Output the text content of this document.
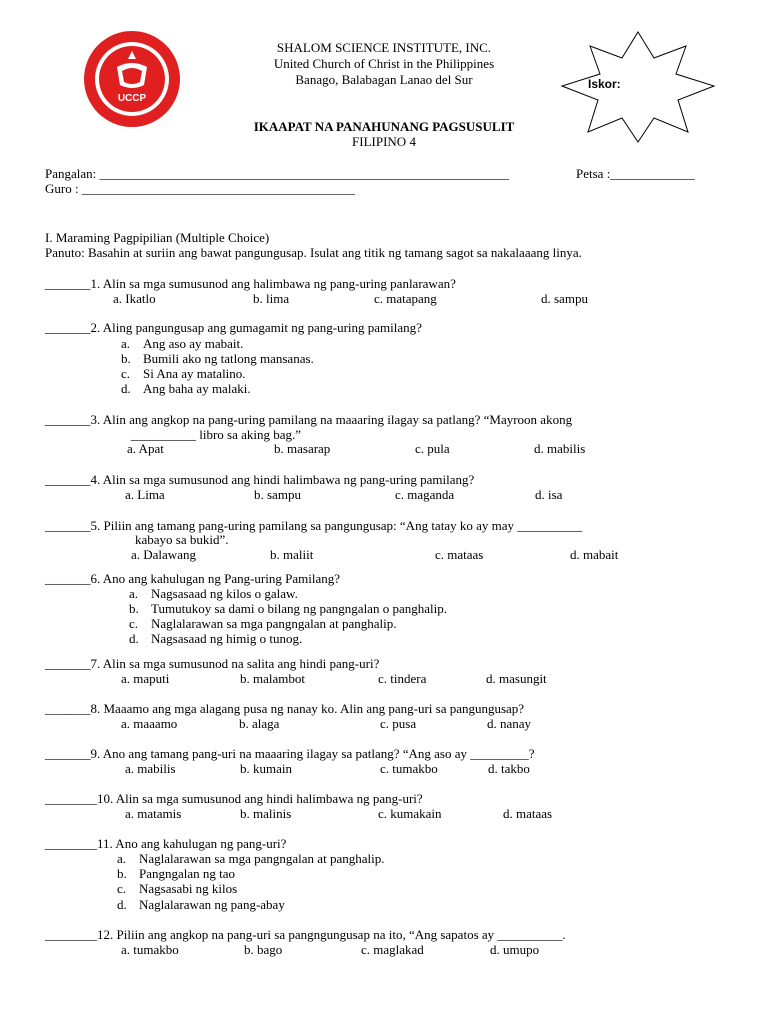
UCCP
SHALOM SCIENCE INSTITUTE, INC.
United Church of Christ in the Philippines
Banago, Balabagan Lanao del Sur
IKAAPAT NA PANAHUNANG PAGSUSULIT
FILIPINO 4
Iskor:
Pangalan: _______________________________________________________________	Petsa :_____________
Guro : __________________________________________
I. Maraming Pagpipilian (Multiple Choice)
Panuto: Basahin at suriin ang bawat pangungusap. Isulat ang titik ng tamang sagot sa nakalaaang linya.
_______1. Alin sa mga sumusunod ang halimbawa ng pang-uring panlarawan?
a. Ikatlo	b. lima	c. matapang	d. sampu
_______2. Aling pangungusap ang gumagamit ng pang-uring pamilang?
a. Ang aso ay mabait.
b. Bumili ako ng tatlong mansanas.
c. Si Ana ay matalino.
d. Ang baha ay malaki.
_______3. Alin ang angkop na pang-uring pamilang na maaaring ilagay sa patlang? “Mayroon akong
__________ libro sa aking bag.”
a. Apat	b. masarap	c. pula	d. mabilis
_______4. Alin sa mga sumusunod ang hindi halimbawa ng pang-uring pamilang?
a. Lima	b. sampu	c. maganda	d. isa
_______5. Piliin ang tamang pang-uring pamilang sa pangungusap: “Ang tatay ko ay may __________
kabayo sa bukid”.
a. Dalawang	b. maliit	c. mataas	d. mabait
_______6. Ano ang kahulugan ng Pang-uring Pamilang?
a. Nagsasaad ng kilos o galaw.
b. Tumutukoy sa dami o bilang ng pangngalan o panghalip.
c. Naglalarawan sa mga pangngalan at panghalip.
d. Nagsasaad ng himig o tunog.
_______7. Alin sa mga sumusunod na salita ang hindi pang-uri?
a. maputi	b. malambot	c. tindera	d. masungit
_______8. Maaamo ang mga alagang pusa ng nanay ko. Alin ang pang-uri sa pangungusap?
a. maaamo	b. alaga	c. pusa	d. nanay
_______9. Ano ang tamang pang-uri na maaaring ilagay sa patlang? “Ang aso ay _________?
a. mabilis	b. kumain	c. tumakbo	d. takbo
________10. Alin sa mga sumusunod ang hindi halimbawa ng pang-uri?
a. matamis	b. malinis	c. kumakain	d. mataas
________11. Ano ang kahulugan ng pang-uri?
a. Naglalarawan sa mga pangngalan at panghalip.
b. Pangngalan ng tao
c. Nagsasabi ng kilos
d. Naglalarawan ng pang-abay
________12. Piliin ang angkop na pang-uri sa pangngungusap na ito, “Ang sapatos ay __________.
a. tumakbo	b. bago	c. maglakad	d. umupo
